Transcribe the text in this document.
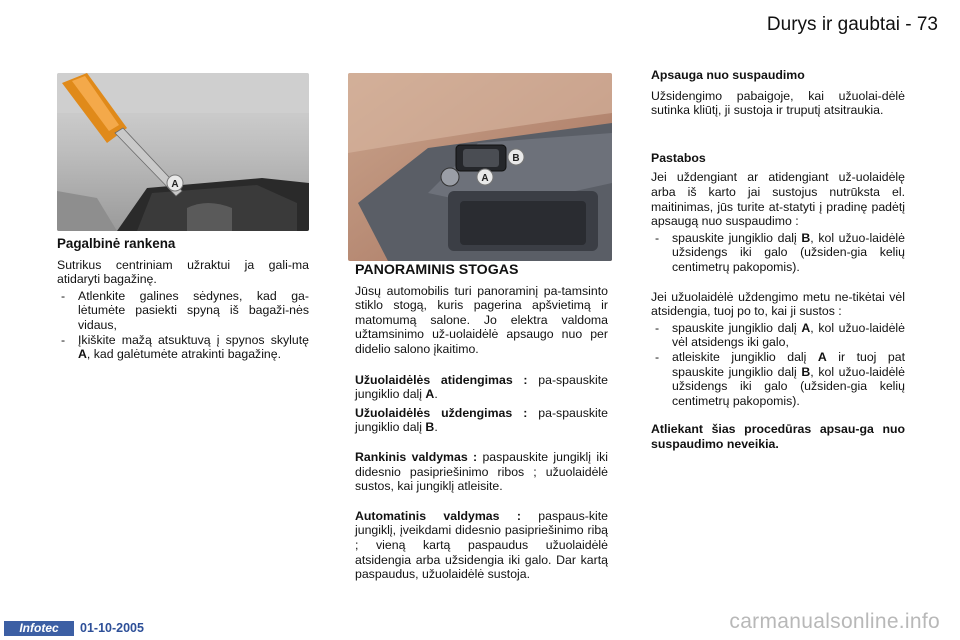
Durys ir gaubtai - 73
A
B
A
Pagalbinė rankena

Sutrikus centriniam užraktui ja gali-ma atidaryti bagažinę.

- Atlenkite galines sėdynes, kad ga-lėtumėte pasiekti spyną iš bagaži-nės vidaus,
- Įkiškite mažą atsuktuvą į spynos skylutę A, kad galėtumėte atrakinti bagažinę.
PANORAMINIS STOGAS

Jūsų automobilis turi panoraminį pa-tamsinto stiklo stogą, kuris pagerina apšvietimą ir matomumą salone. Jo elektra valdoma užtamsinimo už-uolaidėlė apsaugo nuo per didelio salono įkaitimo.

Užuolaidėlės atidengimas : pa-spauskite jungiklio dalį A.

Užuolaidėlės uždengimas : pa-spauskite jungiklio dalį B.

Rankinis valdymas : paspauskite jungiklį iki didesnio pasipriešinimo ribos ; užuolaidėlė sustos, kai jungiklį atleisite.

Automatinis valdymas : paspaus-kite jungiklį, įveikdami didesnio pasipriešinimo ribą ; vieną kartą paspaudus užuolaidėlė atsidengia arba užsidengia iki galo. Dar kartą paspaudus, užuolaidėlė sustoja.

Apsauga nuo suspaudimo

Užsidengimo pabaigoje, kai užuolai-dėlė sutinka kliūtį, ji sustoja ir truputį atsitraukia.

Pastabos

Jei uždengiant ar atidengiant už-uolaidėlę arba iš karto jai sustojus nutrūksta el. maitinimas, jūs turite at-statyti į pradinę padėtį apsaugą nuo suspaudimo :

- spauskite jungiklio dalį B, kol užuo-laidėlė užsidengs iki galo (užsiden-gia kelių centimetrų pakopomis).

Jei užuolaidėlė uždengimo metu ne-tikėtai vėl atsidengia, tuoj po to, kai ji sustos :

- spauskite jungiklio dalį A, kol užuo-laidėlė vėl atsidengs iki galo,
- atleiskite jungiklio dalį A ir tuoj pat spauskite jungiklio dalį B, kol užuo-laidėlė užsidengs iki galo (užsiden-gia kelių centimetrų pakopomis).

Atliekant šias procedūras apsau-ga nuo suspaudimo neveikia.

Infotec	01-10-2005	carmanualsonline.info
